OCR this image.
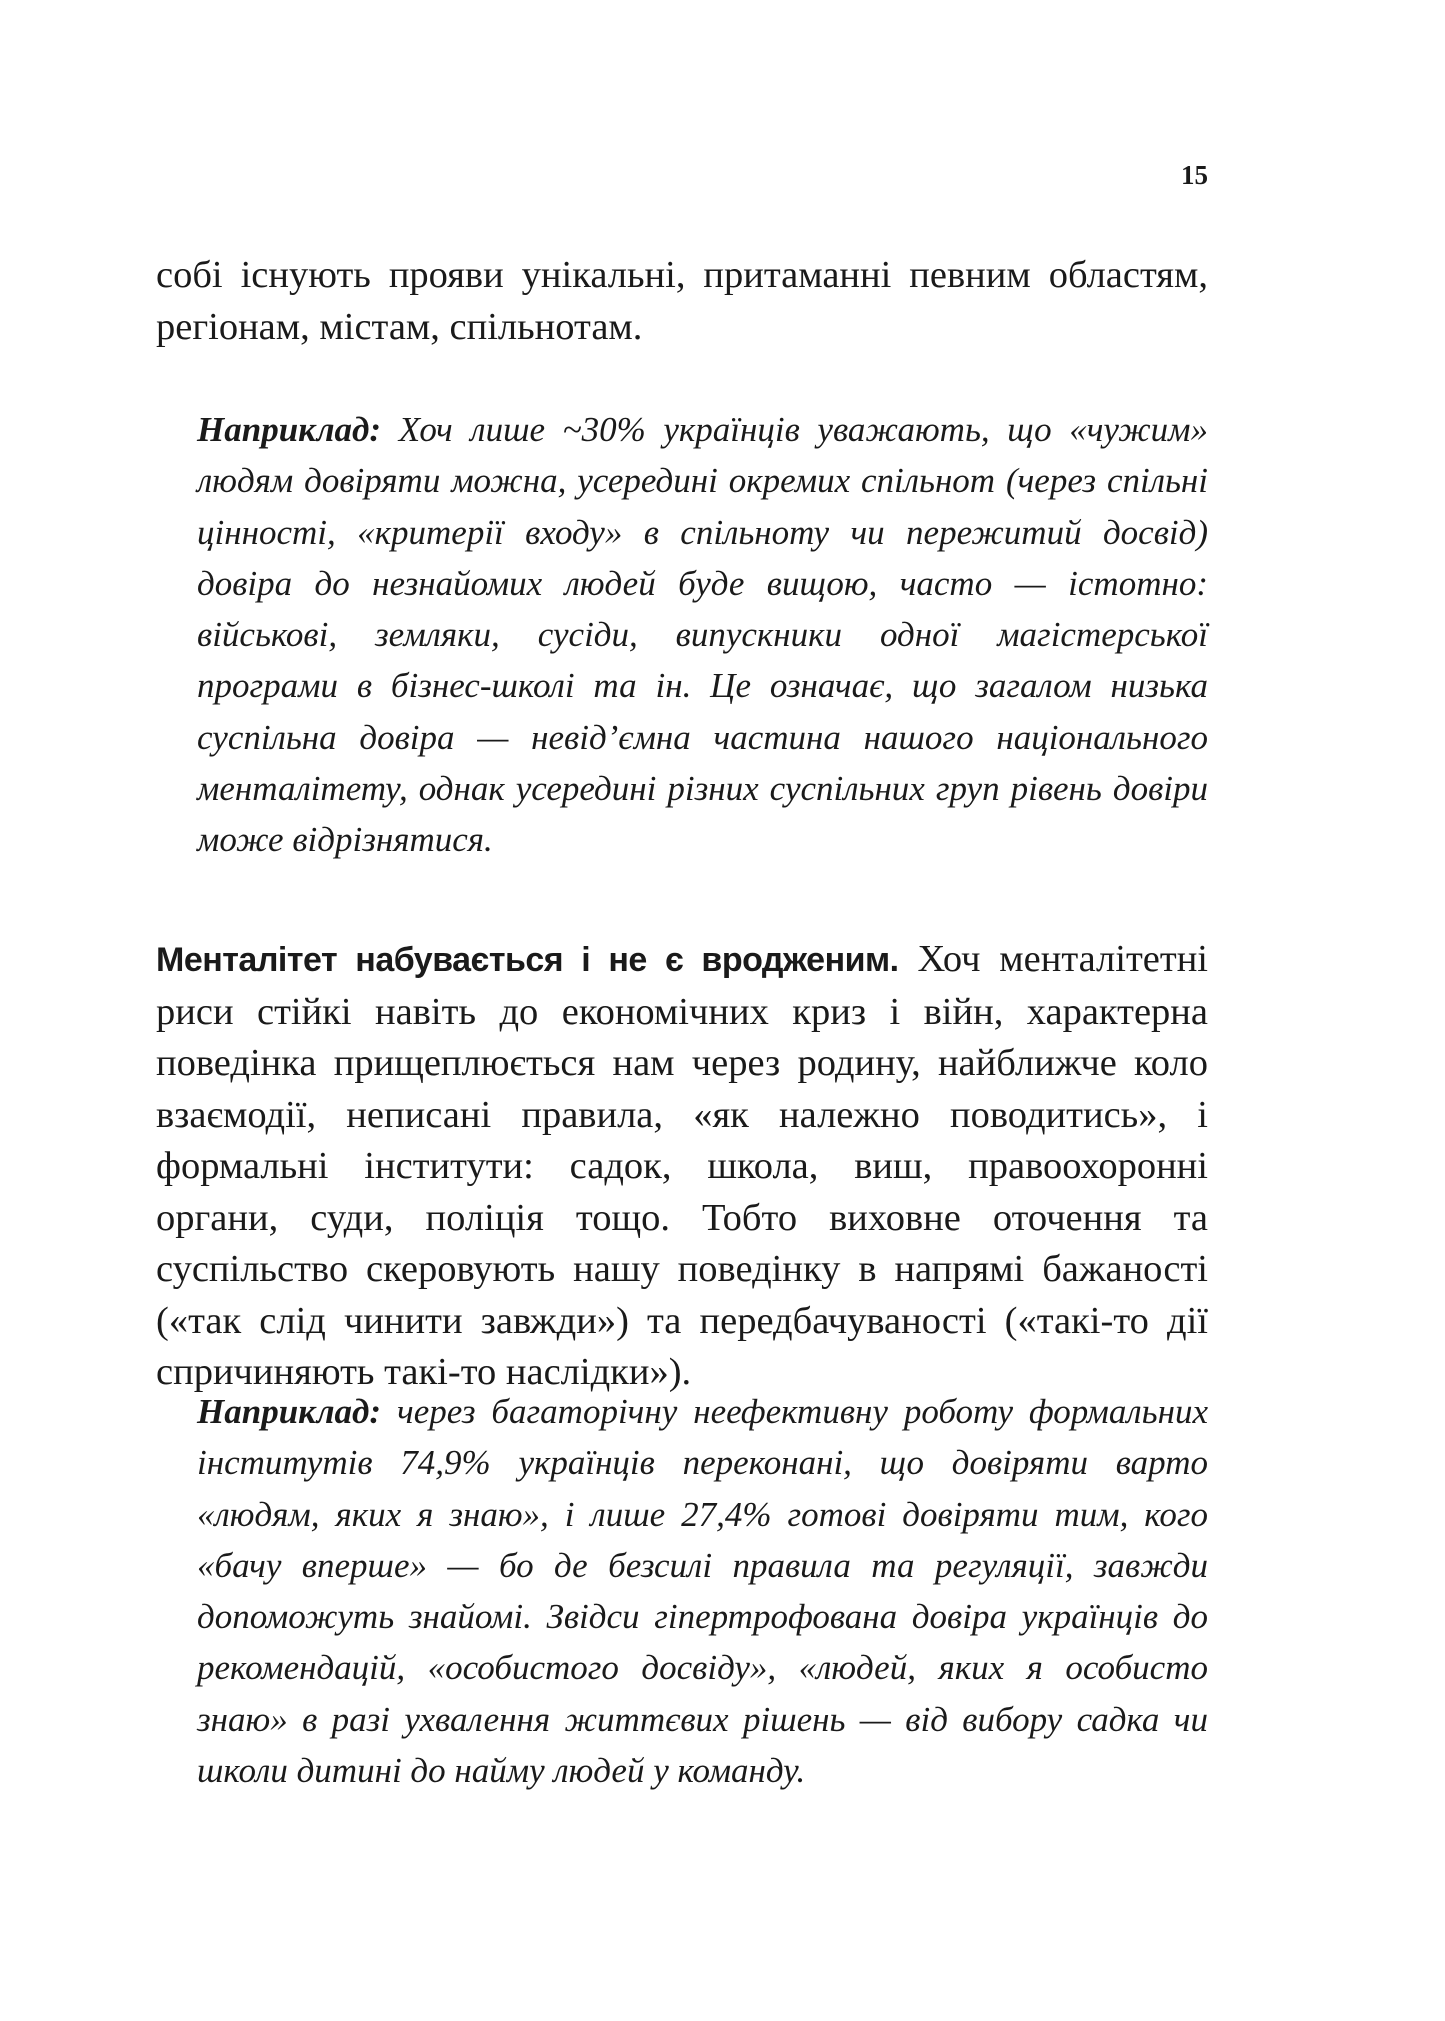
15

собі існують прояви унікальні, притаманні певним областям, регіонам, містам, спільнотам.

Наприклад: Хоч лише ~30% українців уважають, що «чужим» людям довіряти можна, усередині окремих спільнот (через спільні цінності, «критерії входу» в спільноту чи пережитий досвід) довіра до незнайомих людей буде вищою, часто — істотно: військові, земляки, сусіди, випускники одної магістерської програми в бізнес-школі та ін. Це означає, що загалом низька суспільна довіра — невід’ємна частина нашого національного менталітету, однак усередині різних суспільних груп рівень довіри може відрізнятися.

Менталітет набувається і не є вродженим. Хоч менталітетні риси стійкі навіть до економічних криз і війн, характерна поведінка прищеплюється нам через родину, найближче коло взаємодії, неписані правила, «як належно поводитись», і формальні інститути: садок, школа, виш, правоохоронні органи, суди, поліція тощо. Тобто виховне оточення та суспільство скеровують нашу поведінку в напрямі бажаності («так слід чинити завжди») та передбачуваності («такі-то дії спричиняють такі-то наслідки»).

Наприклад: через багаторічну неефективну роботу формальних інститутів 74,9% українців переконані, що довіряти варто «людям, яких я знаю», і лише 27,4% готові довіряти тим, кого «бачу вперше» — бо де безсилі правила та регуляції, завжди допоможуть знайомі. Звідси гіпертрофована довіра українців до рекомендацій, «особистого досвіду», «людей, яких я особисто знаю» в разі ухвалення життєвих рішень — від вибору садка чи школи дитині до найму людей у команду.
